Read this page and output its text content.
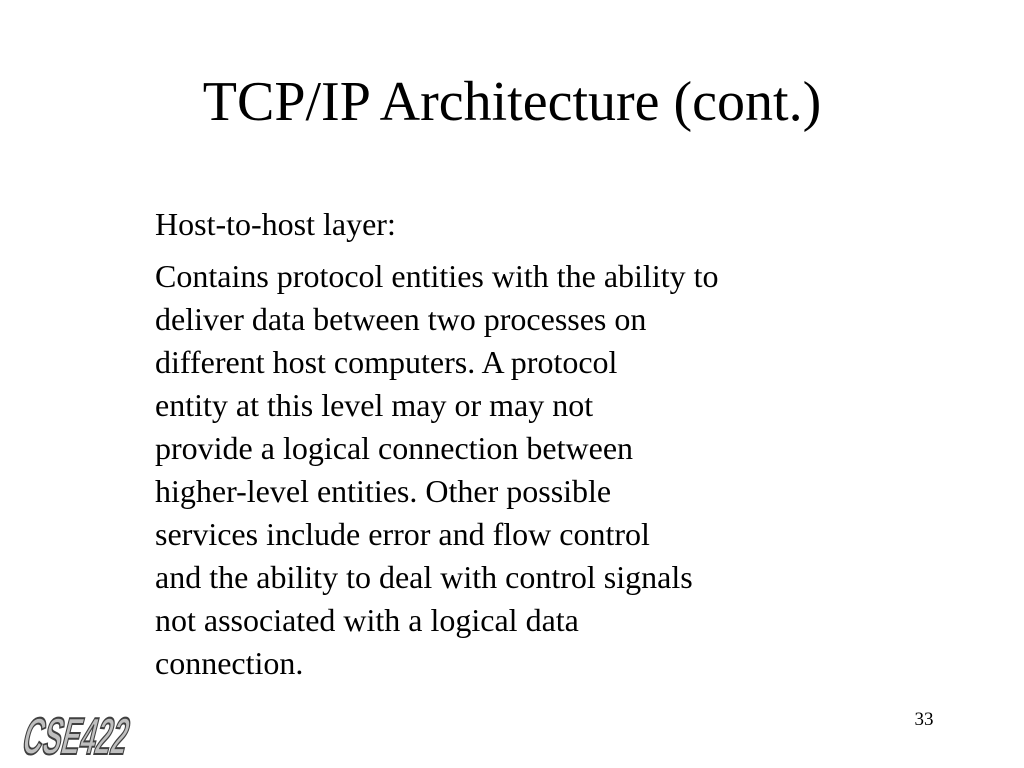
TCP/IP Architecture (cont.)

Host-to-host layer:

Contains protocol entities with the ability to
deliver data between two processes on
different host computers. A protocol
entity at this level may or may not
provide a logical connection between
higher-level entities. Other possible
services include error and flow control
and the ability to deal with control signals
not associated with a logical data
connection.

33
CSE422
